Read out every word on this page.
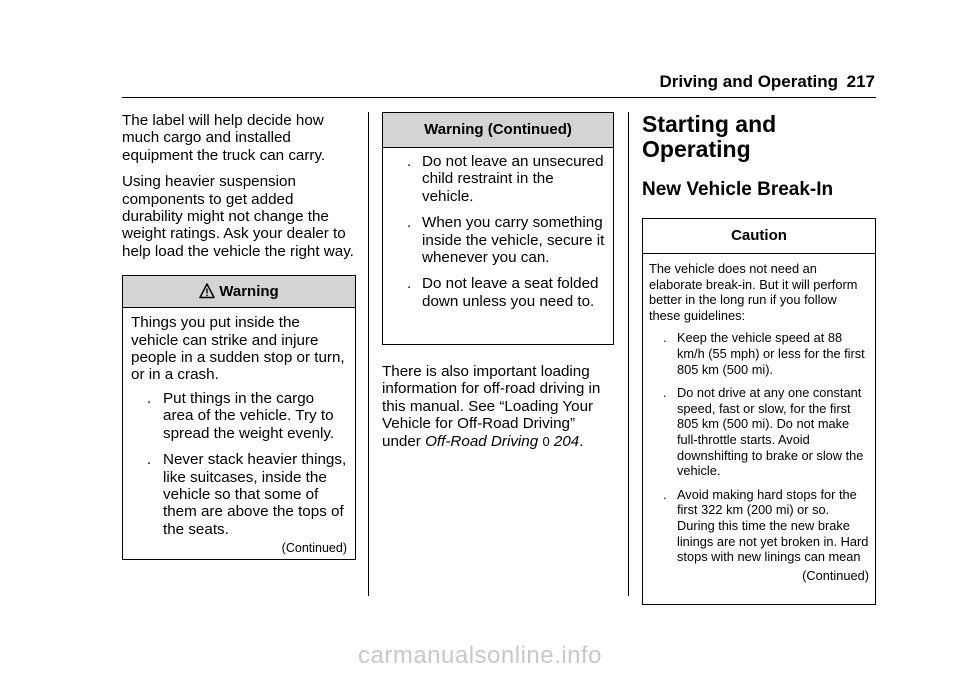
Driving and Operating 217

The label will help decide how much cargo and installed equipment the truck can carry.

Using heavier suspension components to get added durability might not change the weight ratings. Ask your dealer to help load the vehicle the right way.

Warning

Things you put inside the vehicle can strike and injure people in a sudden stop or turn, or in a crash.

. Put things in the cargo area of the vehicle. Try to spread the weight evenly.
. Never stack heavier things, like suitcases, inside the vehicle so that some of them are above the tops of the seats.
(Continued)
Warning (Continued)
. Do not leave an unsecured child restraint in the vehicle.
. When you carry something inside the vehicle, secure it whenever you can.
. Do not leave a seat folded down unless you need to.

There is also important loading information for off-road driving in this manual. See “Loading Your Vehicle for Off-Road Driving” under Off-Road Driving 0 204.

Starting and Operating
New Vehicle Break-In
Caution

The vehicle does not need an elaborate break-in. But it will perform better in the long run if you follow these guidelines:

. Keep the vehicle speed at 88 km/h (55 mph) or less for the first 805 km (500 mi).
. Do not drive at any one constant speed, fast or slow, for the first 805 km (500 mi). Do not make full-throttle starts. Avoid downshifting to brake or slow the vehicle.
. Avoid making hard stops for the first 322 km (200 mi) or so. During this time the new brake linings are not yet broken in. Hard stops with new linings can mean
(Continued)
carmanualsonline.info
